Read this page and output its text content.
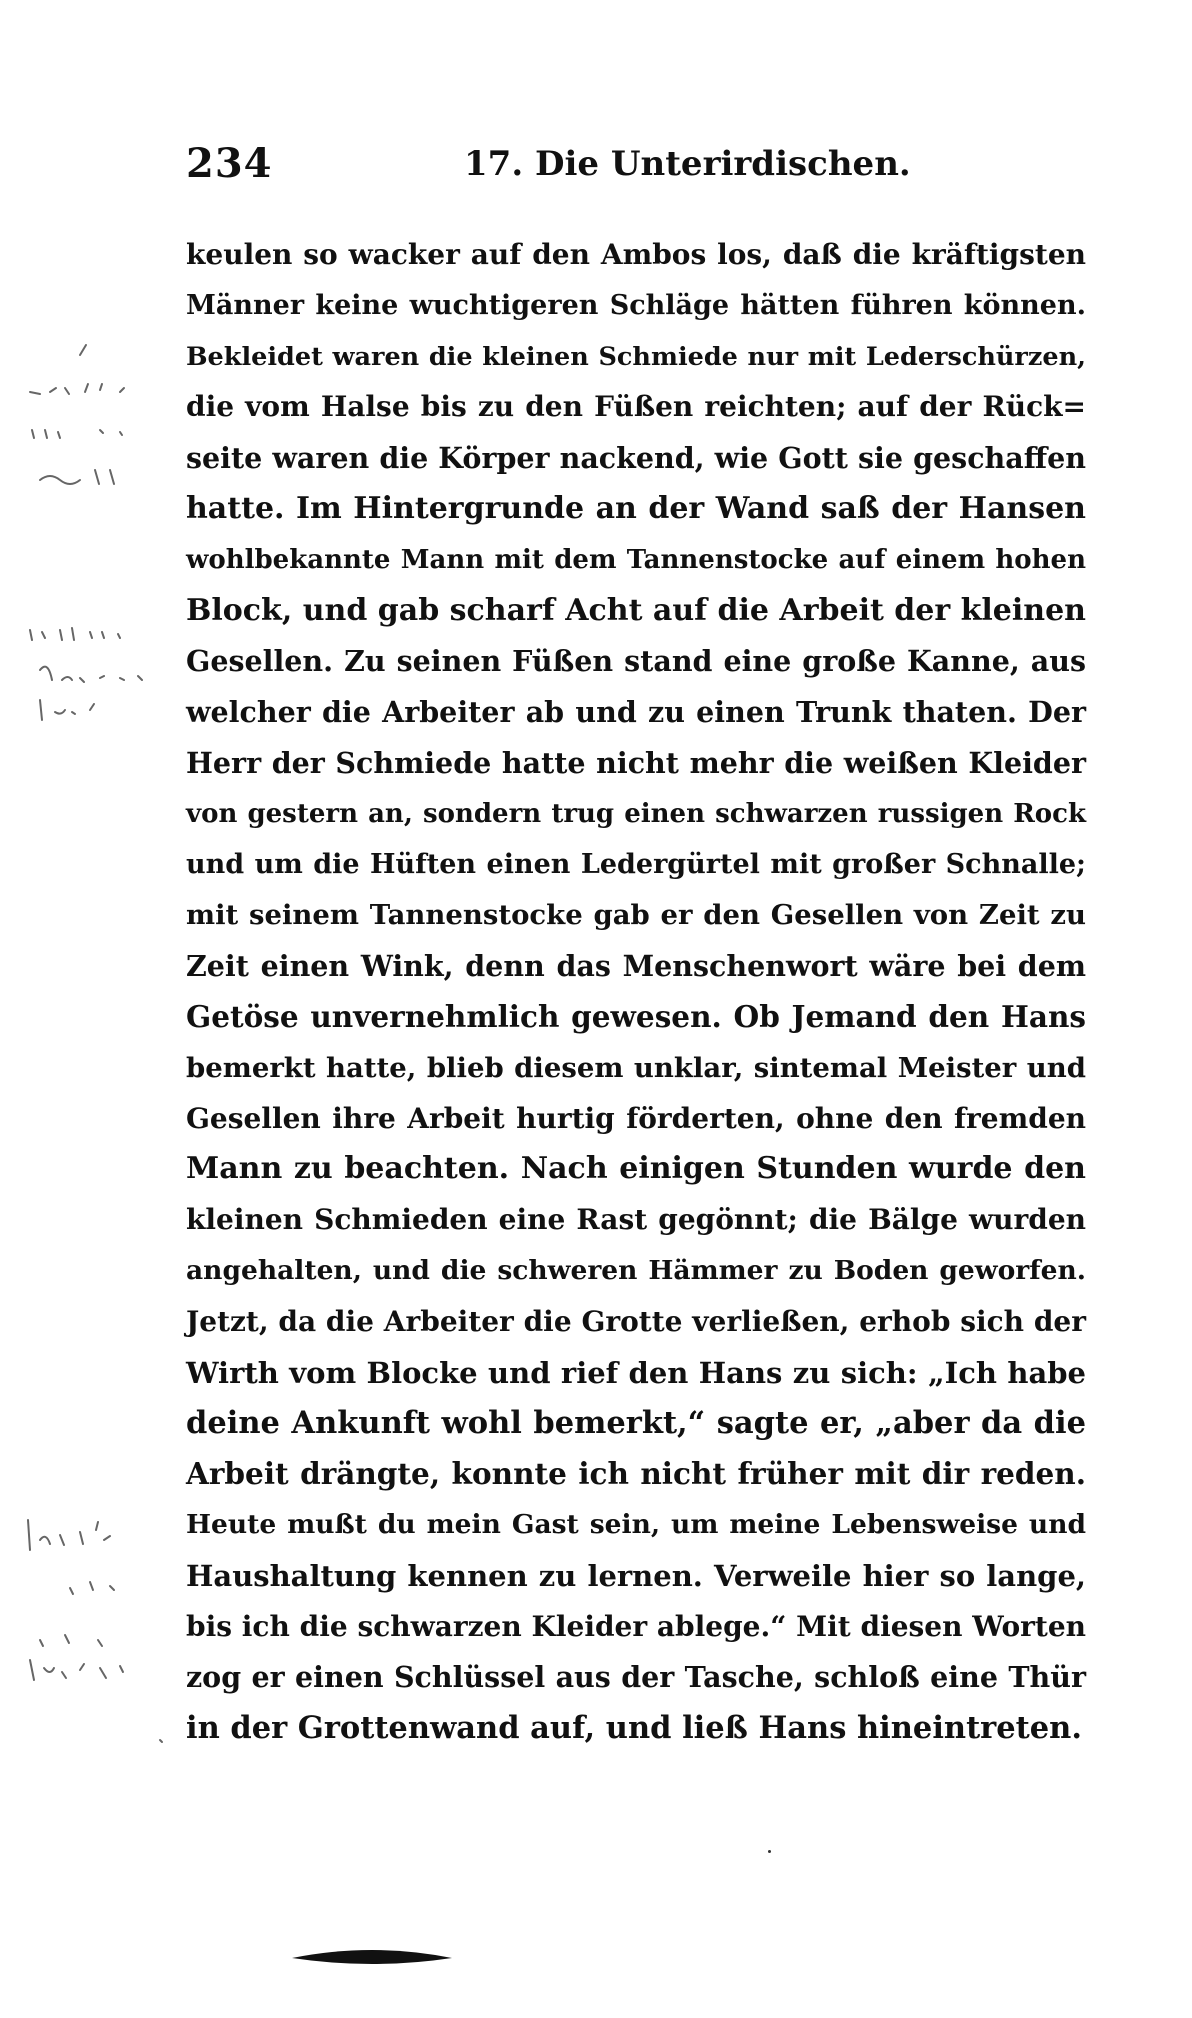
234	17. Die Unterirdischen.
keulen so wacker auf den Ambos los, daß die kräftigsten
Männer keine wuchtigeren Schläge hätten führen können.
Bekleidet waren die kleinen Schmiede nur mit Lederschürzen,
die vom Halse bis zu den Füßen reichten; auf der Rück=
seite waren die Körper nackend, wie Gott sie geschaffen
hatte. Im Hintergrunde an der Wand saß der Hansen
wohlbekannte Mann mit dem Tannenstocke auf einem hohen
Block, und gab scharf Acht auf die Arbeit der kleinen
Gesellen. Zu seinen Füßen stand eine große Kanne, aus
welcher die Arbeiter ab und zu einen Trunk thaten. Der
Herr der Schmiede hatte nicht mehr die weißen Kleider
von gestern an, sondern trug einen schwarzen russigen Rock
und um die Hüften einen Ledergürtel mit großer Schnalle;
mit seinem Tannenstocke gab er den Gesellen von Zeit zu
Zeit einen Wink, denn das Menschenwort wäre bei dem
Getöse unvernehmlich gewesen. Ob Jemand den Hans
bemerkt hatte, blieb diesem unklar, sintemal Meister und
Gesellen ihre Arbeit hurtig förderten, ohne den fremden
Mann zu beachten. Nach einigen Stunden wurde den
kleinen Schmieden eine Rast gegönnt; die Bälge wurden
angehalten, und die schweren Hämmer zu Boden geworfen.
Jetzt, da die Arbeiter die Grotte verließen, erhob sich der
Wirth vom Blocke und rief den Hans zu sich: „Ich habe
deine Ankunft wohl bemerkt,“ sagte er, „aber da die
Arbeit drängte, konnte ich nicht früher mit dir reden.
Heute mußt du mein Gast sein, um meine Lebensweise und
Haushaltung kennen zu lernen. Verweile hier so lange,
bis ich die schwarzen Kleider ablege.“ Mit diesen Worten
zog er einen Schlüssel aus der Tasche, schloß eine Thür
in der Grottenwand auf, und ließ Hans hineintreten.
